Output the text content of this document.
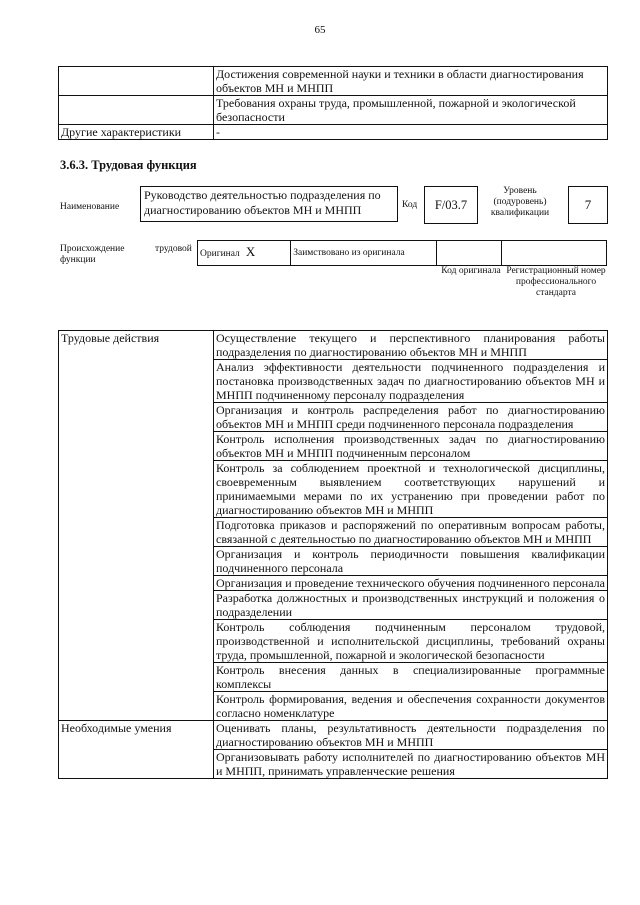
65
	Достижения современной науки и техники в области диагностирования объектов МН и МНПП
	Требования охраны труда, промышленной, пожарной и экологической безопасности
Другие характеристики	-
3.6.3. Трудовая функция
Наименование
Руководство деятельностью подразделения по диагностированию объектов МН и МНПП	Код	F/03.7
Уровень (подуровень) квалификации
7
Происхождение	трудовой
функции
Оригинал X	Заимствовано из оригинала		
Код оригинала Регистрационный номер профессионального стандарта
Трудовые действия	Осуществление текущего и перспективного планирования работы подразделения по диагностированию объектов МН и МНПП
	Анализ эффективности деятельности подчиненного подразделения и постановка производственных задач по диагностированию объектов МН и МНПП подчиненному персоналу подразделения
	Организация и контроль распределения работ по диагностированию объектов МН и МНПП среди подчиненного персонала подразделения
	Контроль исполнения производственных задач по диагностированию объектов МН и МНПП подчиненным персоналом
	Контроль за соблюдением проектной и технологической дисциплины, своевременным выявлением соответствующих нарушений и принимаемыми мерами по их устранению при проведении работ по диагностированию объектов МН и МНПП
	Подготовка приказов и распоряжений по оперативным вопросам работы, связанной с деятельностью по диагностированию объектов МН и МНПП
	Организация и контроль периодичности повышения квалификации подчиненного персонала
	Организация и проведение технического обучения подчиненного персонала
	Разработка должностных и производственных инструкций и положения о подразделении
	Контроль соблюдения подчиненным персоналом трудовой, производственной и исполнительской дисциплины, требований охраны труда, промышленной, пожарной и экологической безопасности
	Контроль внесения данных в специализированные программные комплексы
	Контроль формирования, ведения и обеспечения сохранности документов согласно номенклатуре
Необходимые умения	Оценивать планы, результативность деятельности подразделения по диагностированию объектов МН и МНПП
	Организовывать работу исполнителей по диагностированию объектов МН и МНПП, принимать управленческие решения
